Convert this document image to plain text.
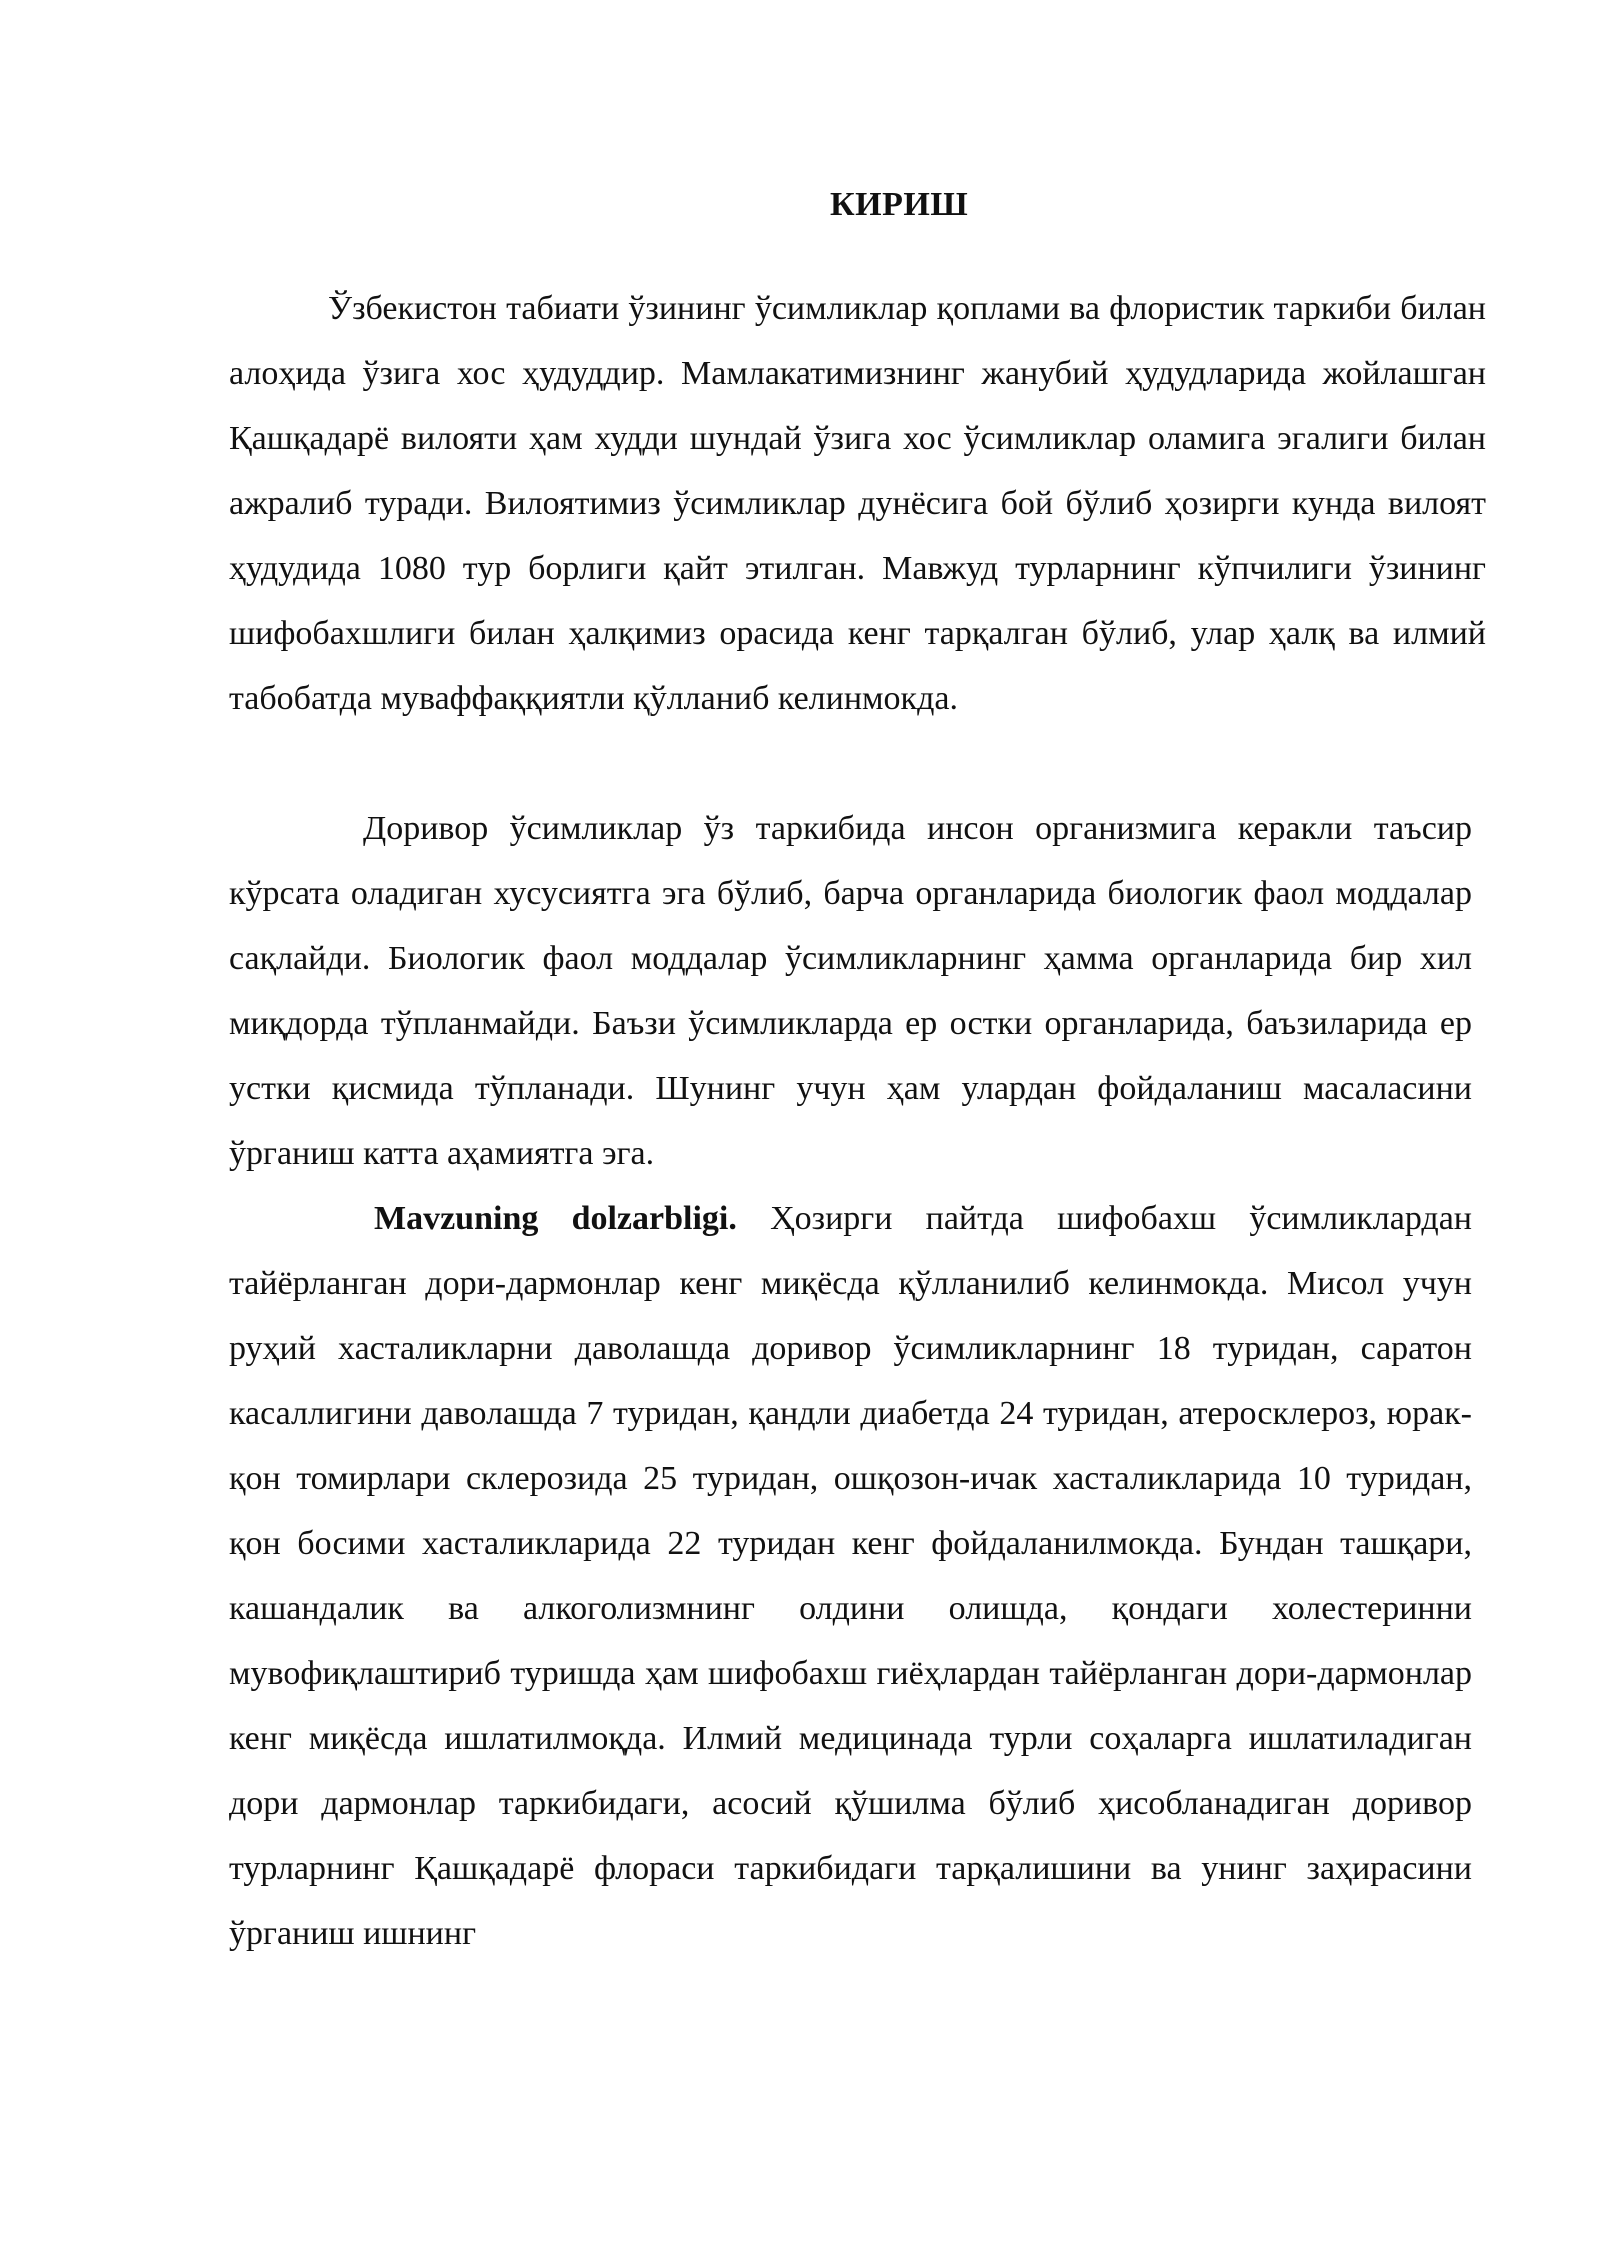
КИРИШ

Ўзбекистон табиати ўзининг ўсимликлар қоплами ва флористик таркиби билан алоҳида ўзига хос ҳудуддир. Мамлакатимизнинг жанубий ҳудудларида жойлашган Қашқадарё вилояти ҳам худди шундай ўзига хос ўсимликлар оламига эгалиги билан ажралиб туради. Вилоятимиз ўсимликлар дунёсига бой бўлиб ҳозирги кунда вилоят ҳудудида 1080 тур борлиги қайт этилган. Мавжуд турларнинг кўпчилиги ўзининг шифобахшлиги билан ҳалқимиз орасида кенг тарқалган бўлиб, улар ҳалқ ва илмий табобатда муваффаққиятли қўлланиб келинмокда.

Доривор ўсимликлар ўз таркибида инсон организмига керакли таъсир кўрсата оладиган хусусиятга эга бўлиб, барча органларида биологик фаол моддалар сақлайди. Биологик фаол моддалар ўсимликларнинг ҳамма органларида бир хил миқдорда тўпланмайди. Баъзи ўсимликларда ер остки органларида, баъзиларида ер устки қисмида тўпланади. Шунинг учун ҳам улардан фойдаланиш масаласини ўрганиш катта аҳамиятга эга.

Mavzuning dolzarbligi. Ҳозирги пайтда шифобахш ўсимликлардан тайёрланган дори-дармонлар кенг миқёсда қўлланилиб келинмокда. Мисол учун руҳий хасталикларни даволашда доривор ўсимликларнинг 18 туридан, саратон касаллигини даволашда 7 туридан, қандли диабетда 24 туридан, атеросклероз, юрак-қон томирлари склерозида 25 туридан, ошқозон-ичак хасталикларида 10 туридан, қон босими хасталикларида 22 туридан кенг фойдаланилмокда. Бундан ташқари, кашандалик ва алкоголизмнинг олдини олишда, қондаги холестеринни мувофиқлаштириб туришда ҳам шифобахш гиёҳлардан тайёрланган дори-дармонлар кенг миқёсда ишлатилмоқда. Илмий медицинада турли соҳаларга ишлатиладиган дори дармонлар таркибидаги, асосий қўшилма бўлиб ҳисобланадиган доривор турларнинг Қашқадарё флораси таркибидаги тарқалишини ва унинг заҳирасини ўрганиш ишнинг
